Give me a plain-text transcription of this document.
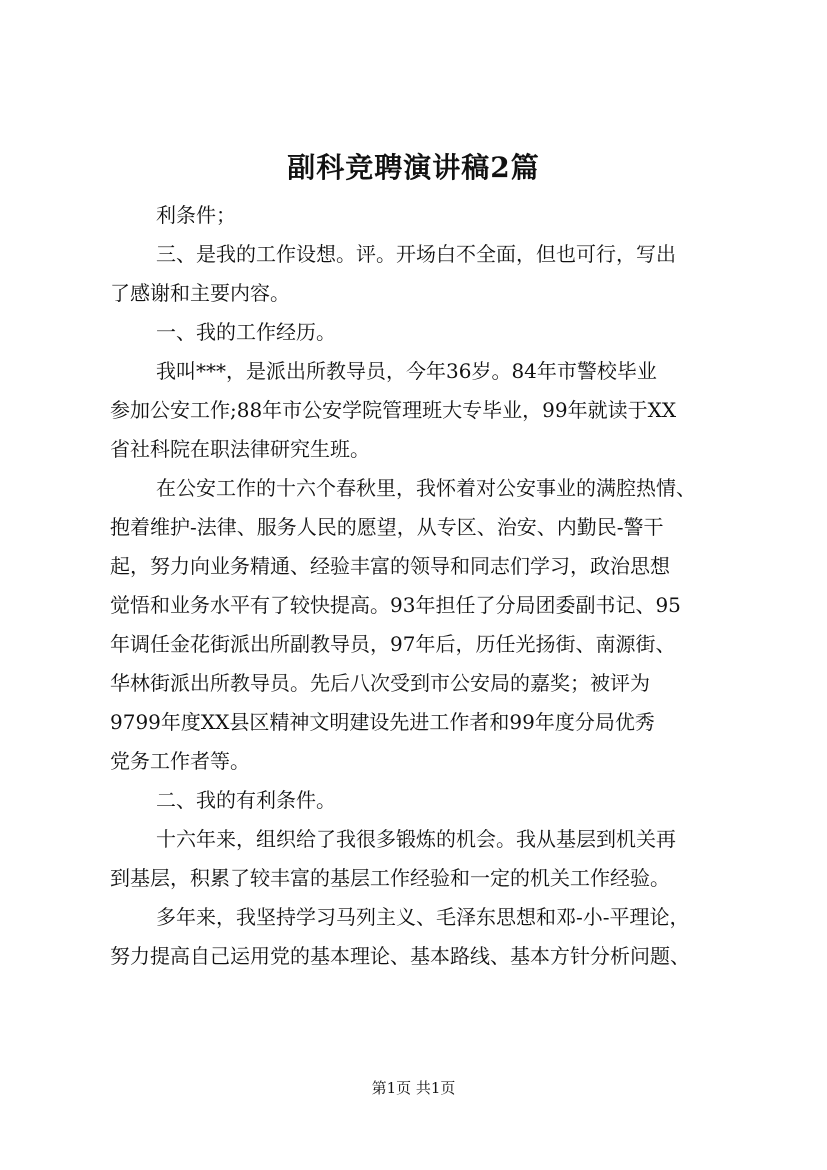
副科竞聘演讲稿2篇
利条件；
三、是我的工作设想。评。开场白不全面，但也可行，写出
了感谢和主要内容。
一、我的工作经历。
我叫***，是派出所教导员，今年36岁。84年市警校毕业
参加公安工作;88年市公安学院管理班大专毕业，99年就读于XX
省社科院在职法律研究生班。
在公安工作的十六个春秋里，我怀着对公安事业的满腔热情、
抱着维护-法律、服务人民的愿望，从专区、治安、内勤民-警干
起，努力向业务精通、经验丰富的领导和同志们学习，政治思想
觉悟和业务水平有了较快提高。93年担任了分局团委副书记、95
年调任金花街派出所副教导员，97年后，历任光扬街、南源街、
华林街派出所教导员。先后八次受到市公安局的嘉奖；被评为
9799年度XX县区精神文明建设先进工作者和99年度分局优秀
党务工作者等。
二、我的有利条件。
十六年来，组织给了我很多锻炼的机会。我从基层到机关再
到基层，积累了较丰富的基层工作经验和一定的机关工作经验。
多年来，我坚持学习马列主义、毛泽东思想和邓-小-平理论，
努力提高自己运用党的基本理论、基本路线、基本方针分析问题、
第1页 共1页
